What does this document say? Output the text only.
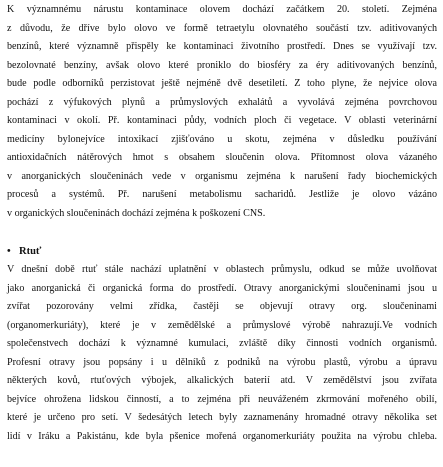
K významnému nárustu kontaminace olovem dochází začátkem 20. století. Zejména
z důvodu, že dříve bylo olovo ve formě tetraetylu olovnatého součástí tzv. aditivovaných
benzínů, které významně přispěly ke kontaminaci životního prostředí. Dnes se využívají tzv.
bezolovnaté benzíny, avšak olovo které proniklo do biosféry za éry aditivovaných benzínů,
bude podle odborníků perzistovat ještě nejméně dvě desetiletí. Z toho plyne, že nejvice olova
pochází z výfukových plynů a průmyslových exhalátů a vyvolává zejména povrchovou
kontaminaci v okolí. Př. kontaminaci půdy, vodních ploch či vegetace. V oblasti veterinární
medicíny bylonejvíce intoxikací zjišťováno u skotu, zejména v důsledku používání
antioxidačních nátěrových hmot s obsahem sloučenin olova. Přítomnost olova vázaného
v anorganických sloučeninách vede v organismu zejména k narušení řady biochemických
procesů a systémů. Př. narušení metabolismu sacharidů. Jestliže je olovo vázáno
v organických sloučeninách dochází zejména k poškození CNS.

• Rtuť

V dnešní době rtuť stále nachází uplatnění v oblastech průmyslu, odkud se může uvolňovat
jako anorganická či organická forma do prostředí. Otravy anorganickými sloučeninami jsou u
zvířat pozorovány velmi zřídka, častěji se objevují otravy org. sloučeninami
(organomerkuriáty), které je v zemědělské a průmyslové výrobě nahrazují.Ve vodních
společenstvech dochází k významné kumulaci, zvláště díky činnosti vodních organismů.
Profesní otravy jsou popsány i u dělníků z podniků na výrobu plastů, výrobu a úpravu
některých kovů, rtuťových výbojek, alkalických baterií atd. V zemědělství jsou zvířata
bejvíce ohrožena lidskou činností, a to zejména při neuváženém zkrmování mořeného obilí,
které je určeno pro setí. V šedesátých letech byly zaznamenány hromadné otravy několika set
lidí v Iráku a Pakistánu, kde byla pšenice mořená organomerkuriáty použita na výrobu chleba.
